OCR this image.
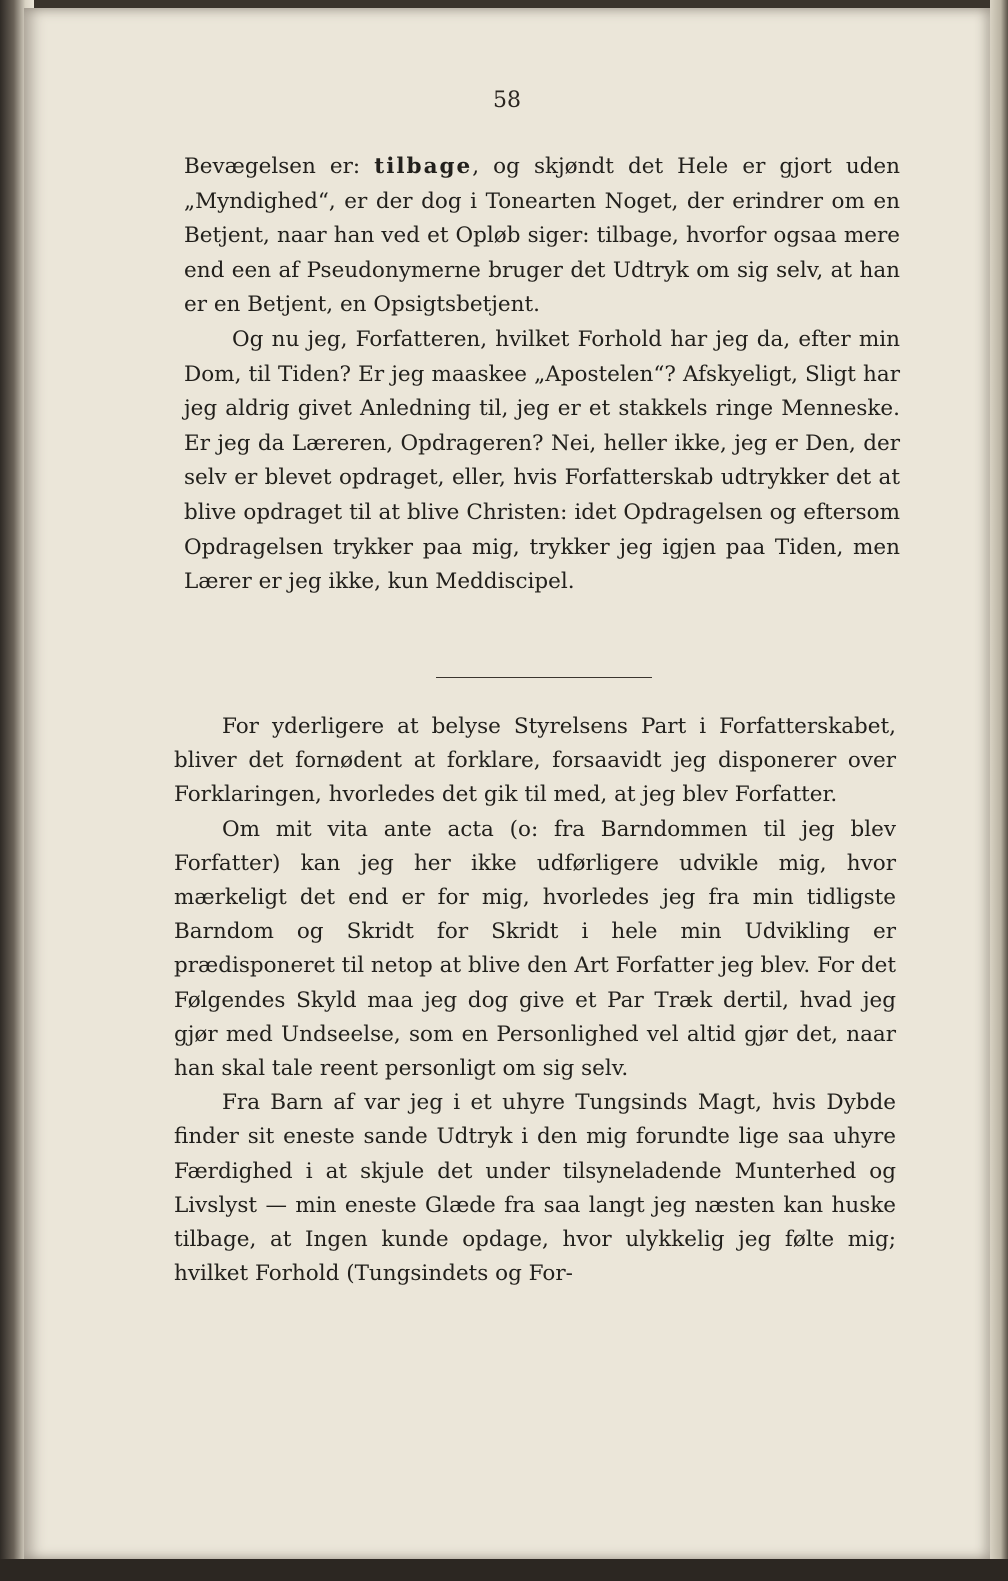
58

Bevægelsen er: tilbage, og skjøndt det Hele er gjort uden „Myndighed“, er der dog i Tonearten Noget, der erindrer om en Betjent, naar han ved et Opløb siger: tilbage, hvorfor ogsaa mere end een af Pseudonymerne bruger det Udtryk om sig selv, at han er en Betjent, en Opsigtsbetjent.

Og nu jeg, Forfatteren, hvilket Forhold har jeg da, efter min Dom, til Tiden? Er jeg maaskee „Apostelen“? Afskyeligt, Sligt har jeg aldrig givet Anledning til, jeg er et stakkels ringe Menneske. Er jeg da Læreren, Opdrageren? Nei, heller ikke, jeg er Den, der selv er blevet opdraget, eller, hvis Forfatterskab udtrykker det at blive opdraget til at blive Christen: idet Opdragelsen og eftersom Opdragelsen trykker paa mig, trykker jeg igjen paa Tiden, men Lærer er jeg ikke, kun Meddiscipel.

For yderligere at belyse Styrelsens Part i Forfatterskabet, bliver det fornødent at forklare, forsaavidt jeg disponerer over Forklaringen, hvorledes det gik til med, at jeg blev Forfatter.

Om mit vita ante acta (o: fra Barndommen til jeg blev Forfatter) kan jeg her ikke udførligere udvikle mig, hvor mærkeligt det end er for mig, hvorledes jeg fra min tidligste Barndom og Skridt for Skridt i hele min Udvikling er prædisponeret til netop at blive den Art Forfatter jeg blev. For det Følgendes Skyld maa jeg dog give et Par Træk dertil, hvad jeg gjør med Undseelse, som en Personlighed vel altid gjør det, naar han skal tale reent personligt om sig selv.

Fra Barn af var jeg i et uhyre Tungsinds Magt, hvis Dybde finder sit eneste sande Udtryk i den mig forundte lige saa uhyre Færdighed i at skjule det under tilsyneladende Munterhed og Livslyst — min eneste Glæde fra saa langt jeg næsten kan huske tilbage, at Ingen kunde opdage, hvor ulykkelig jeg følte mig; hvilket Forhold (Tungsindets og For-
